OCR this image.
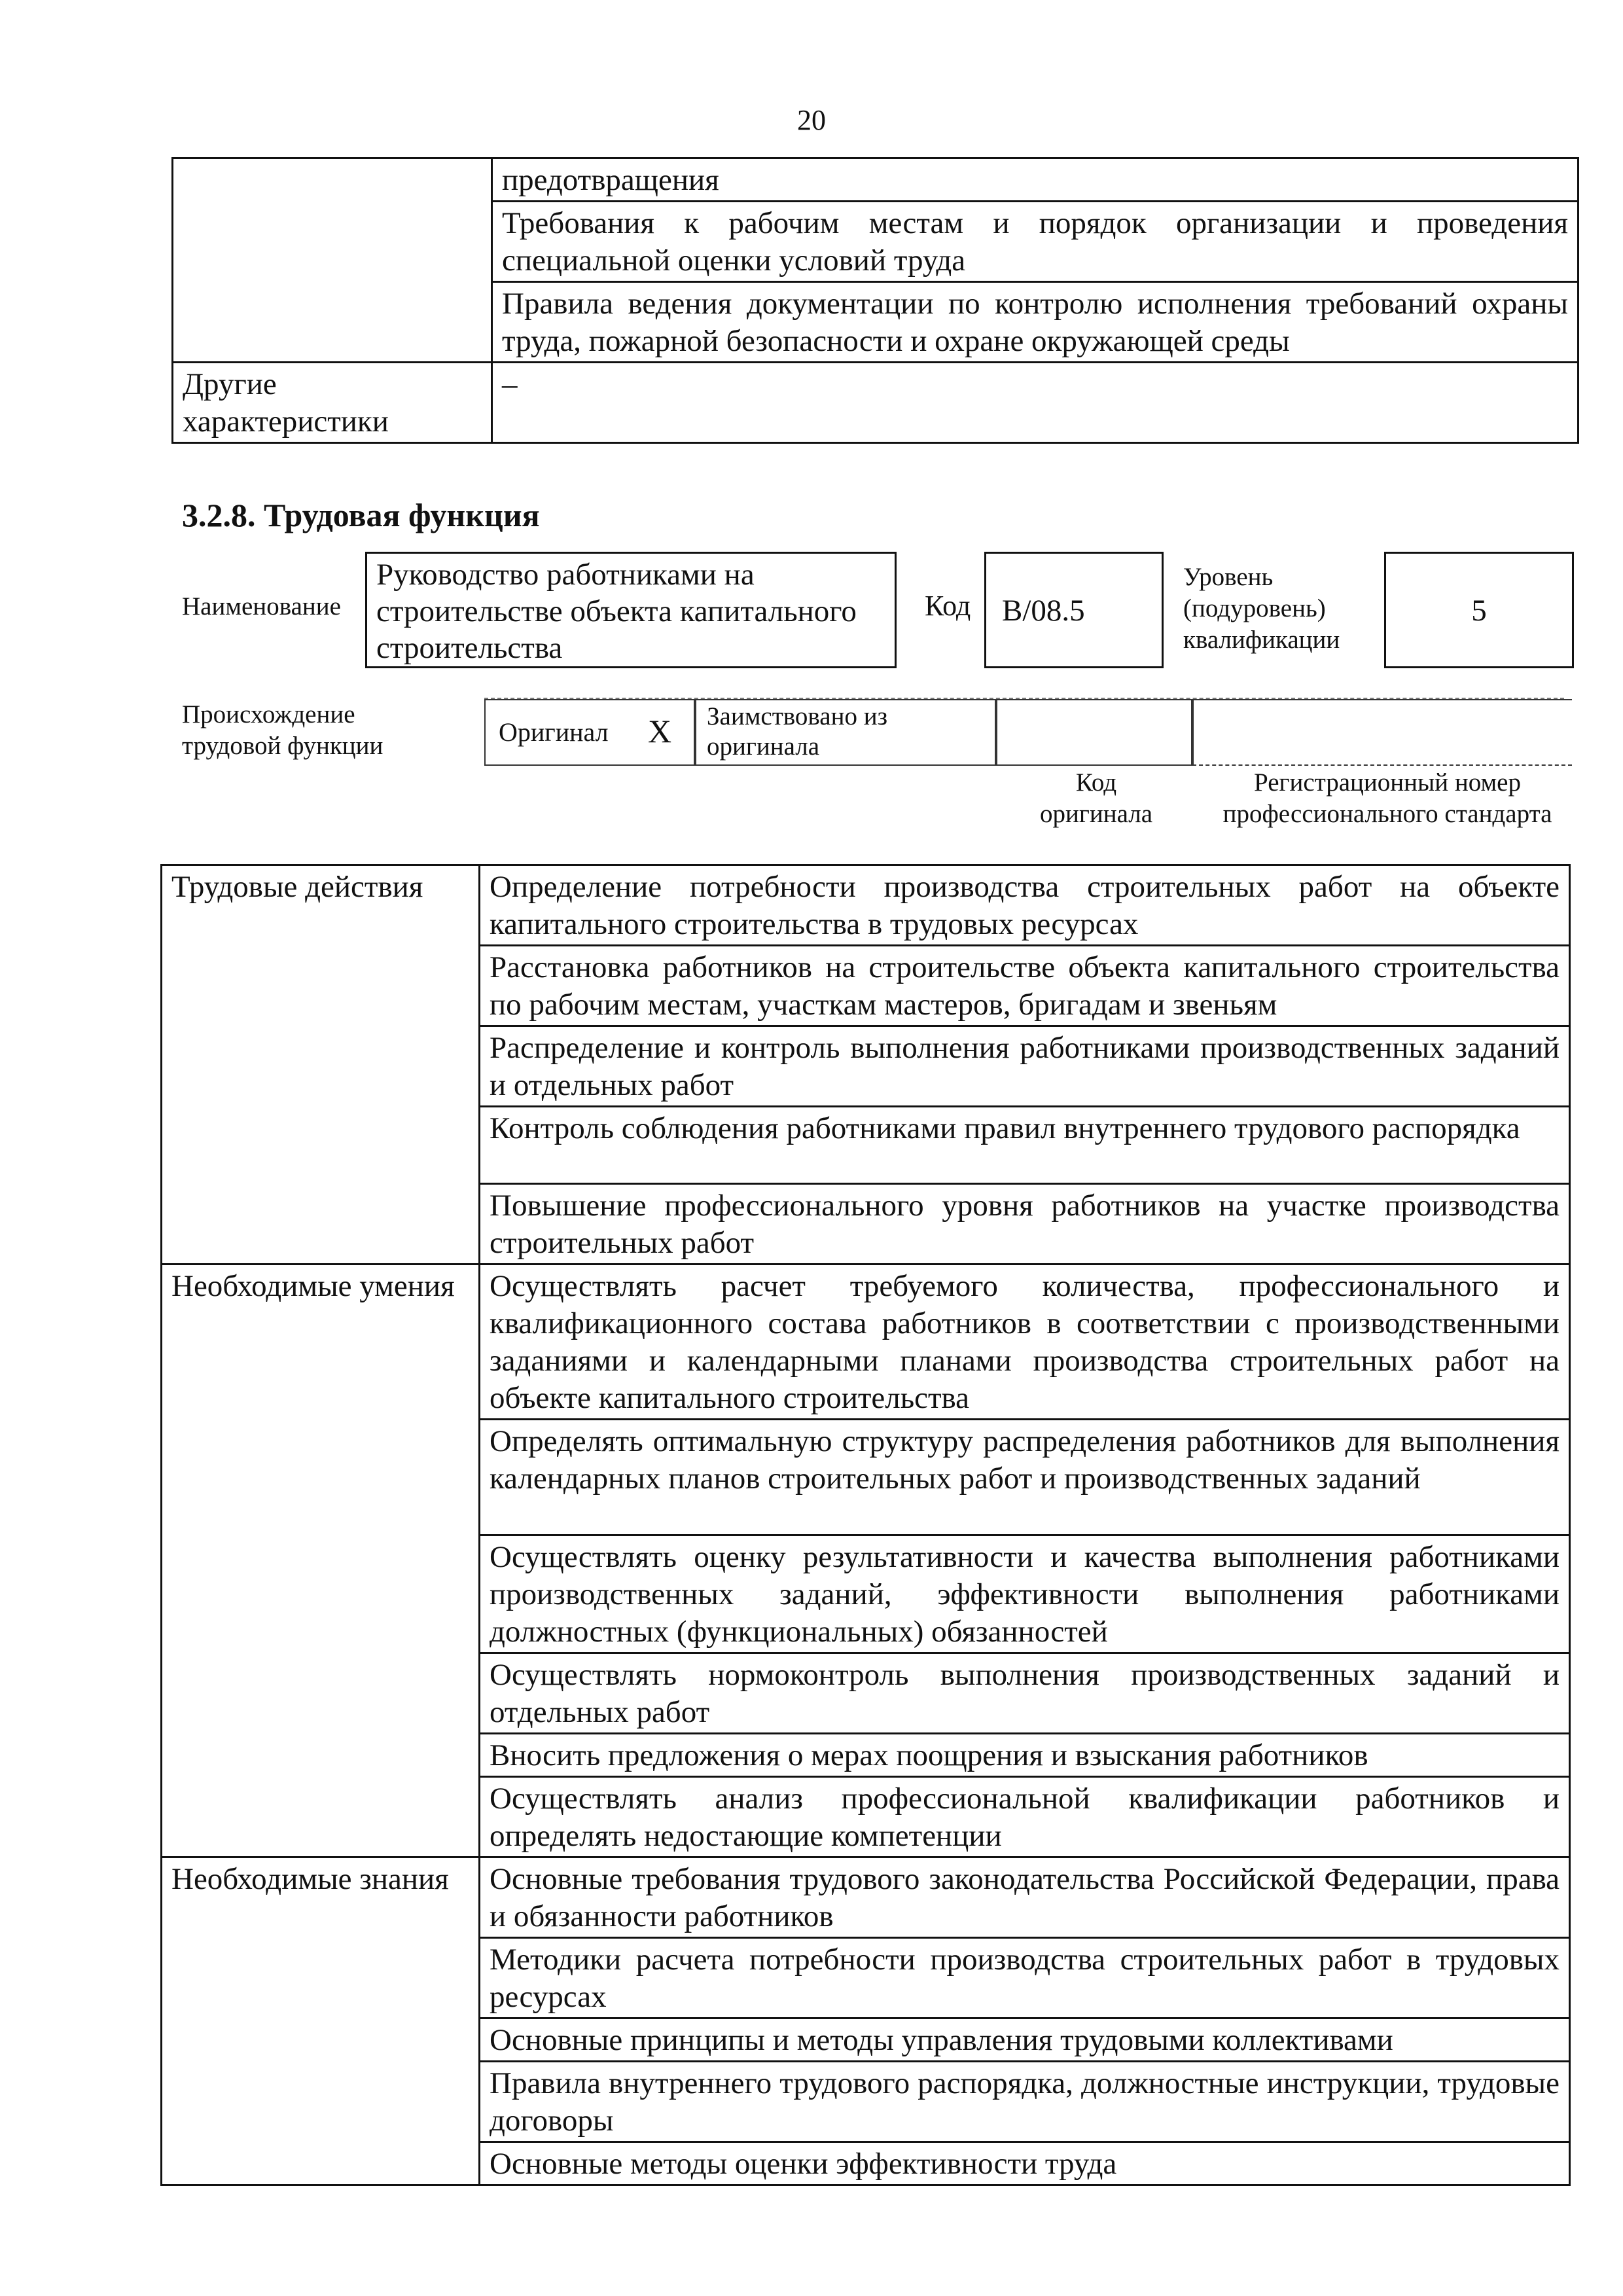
20
	предотвращения
	Требования к рабочим местам и порядок организации и проведения специальной оценки условий труда
	Правила ведения документации по контролю исполнения требований охраны труда, пожарной безопасности и охране окружающей среды
Другие характеристики	–
3.2.8. Трудовая функция
Наименование
Руководство работниками на строительстве объекта капитального строительства
Код	B/08.5
Уровень (подуровень) квалификации
5
Происхождение трудовой функции	Оригинал X Заимствовано из оригинала
Код оригинала
Регистрационный номер профессионального стандарта
Трудовые действия	Определение потребности производства строительных работ на объекте капитального строительства в трудовых ресурсах
	Расстановка работников на строительстве объекта капитального строительства по рабочим местам, участкам мастеров, бригадам и звеньям
	Распределение и контроль выполнения работниками производственных заданий и отдельных работ
	Контроль соблюдения работниками правил внутреннего трудового распорядка
	Повышение профессионального уровня работников на участке производства строительных работ
Необходимые умения	Осуществлять расчет требуемого количества, профессионального и квалификационного состава работников в соответствии с производственными заданиями и календарными планами производства строительных работ на объекте капитального строительства
	Определять оптимальную структуру распределения работников для выполнения календарных планов строительных работ и производственных заданий
	Осуществлять оценку результативности и качества выполнения работниками производственных заданий, эффективности выполнения работниками должностных (функциональных) обязанностей
	Осуществлять нормоконтроль выполнения производственных заданий и отдельных работ
	Вносить предложения о мерах поощрения и взыскания работников
	Осуществлять анализ профессиональной квалификации работников и определять недостающие компетенции
Необходимые знания	Основные требования трудового законодательства Российской Федерации, права и обязанности работников
	Методики расчета потребности производства строительных работ в трудовых ресурсах
	Основные принципы и методы управления трудовыми коллективами
	Правила внутреннего трудового распорядка, должностные инструкции, трудовые договоры
	Основные методы оценки эффективности труда
